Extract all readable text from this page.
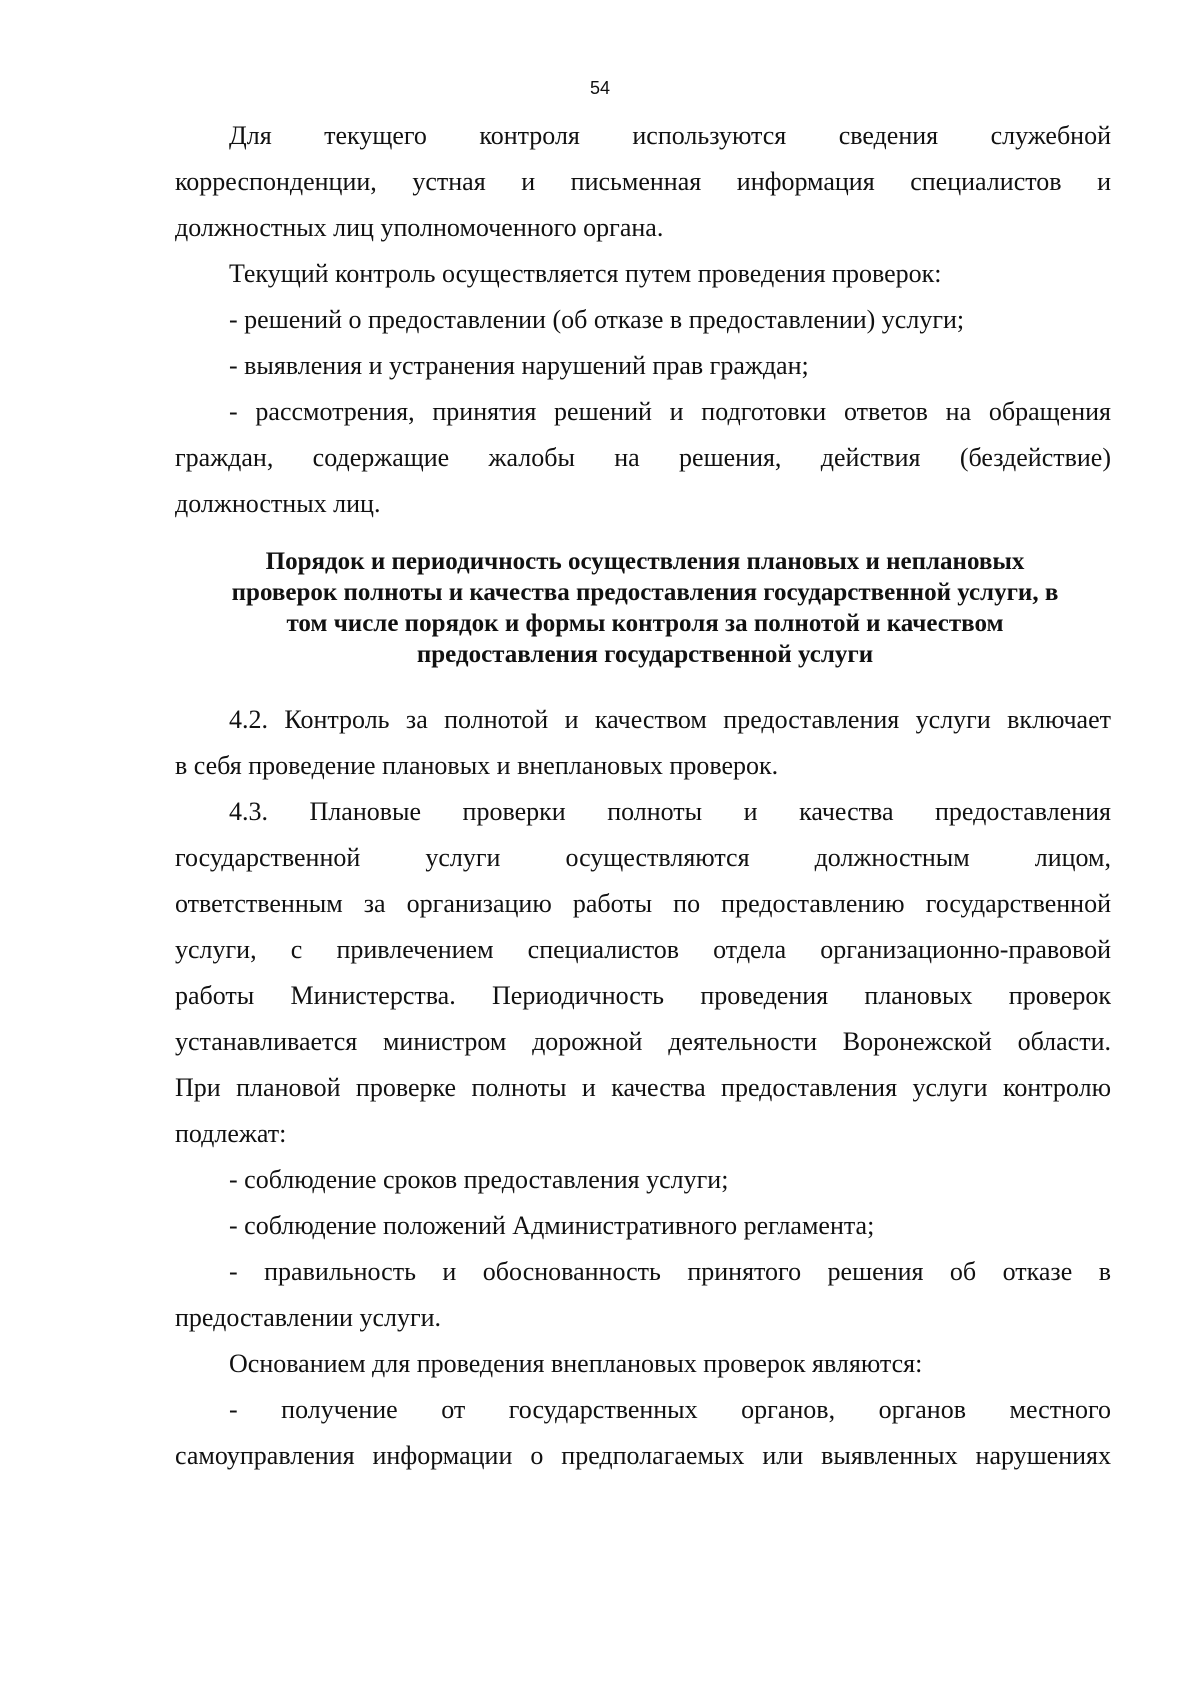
54
Для текущего контроля используются сведения служебной
корреспонденции, устная и письменная информация специалистов и
должностных лиц уполномоченного органа.
Текущий контроль осуществляется путем проведения проверок:
- решений о предоставлении (об отказе в предоставлении) услуги;
- выявления и устранения нарушений прав граждан;
- рассмотрения, принятия решений и подготовки ответов на обращения
граждан, содержащие жалобы на решения, действия (бездействие)
должностных лиц.
Порядок и периодичность осуществления плановых и неплановых
проверок полноты и качества предоставления государственной услуги, в
том числе порядок и формы контроля за полнотой и качеством
предоставления государственной услуги
4.2. Контроль за полнотой и качеством предоставления услуги включает
в себя проведение плановых и внеплановых проверок.
4.3. Плановые проверки полноты и качества предоставления
государственной услуги осуществляются должностным лицом,
ответственным за организацию работы по предоставлению государственной
услуги, с привлечением специалистов отдела организационно-правовой
работы Министерства. Периодичность проведения плановых проверок
устанавливается министром дорожной деятельности Воронежской области.
При плановой проверке полноты и качества предоставления услуги контролю
подлежат:
- соблюдение сроков предоставления услуги;
- соблюдение положений Административного регламента;
- правильность и обоснованность принятого решения об отказе в
предоставлении услуги.
Основанием для проведения внеплановых проверок являются:
- получение от государственных органов, органов местного
самоуправления информации о предполагаемых или выявленных нарушениях
